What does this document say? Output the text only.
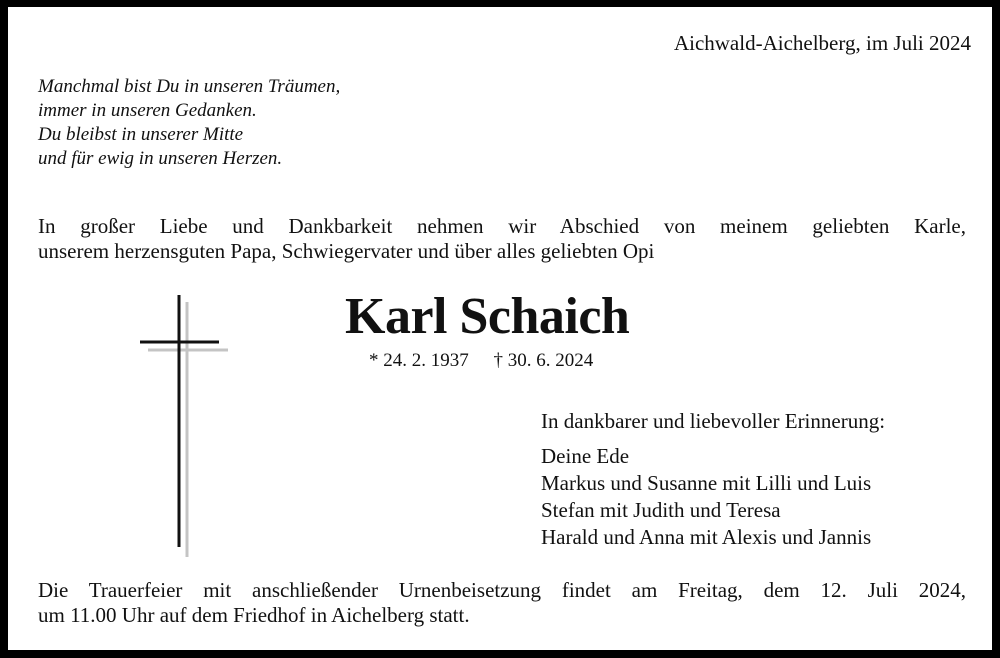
Aichwald-Aichelberg, im Juli 2024
Manchmal bist Du in unseren Träumen,
immer in unseren Gedanken.
Du bleibst in unserer Mitte
und für ewig in unseren Herzen.
In großer Liebe und Dankbarkeit nehmen wir Abschied von meinem geliebten Karle,
unserem herzensguten Papa, Schwiegervater und über alles geliebten Opi
Karl Schaich
* 24. 2. 1937 † 30. 6. 2024
In dankbarer und liebevoller Erinnerung:
Deine Ede
Markus und Susanne mit Lilli und Luis
Stefan mit Judith und Teresa
Harald und Anna mit Alexis und Jannis
Die Trauerfeier mit anschließender Urnenbeisetzung findet am Freitag, dem 12. Juli 2024,
um 11.00 Uhr auf dem Friedhof in Aichelberg statt.
